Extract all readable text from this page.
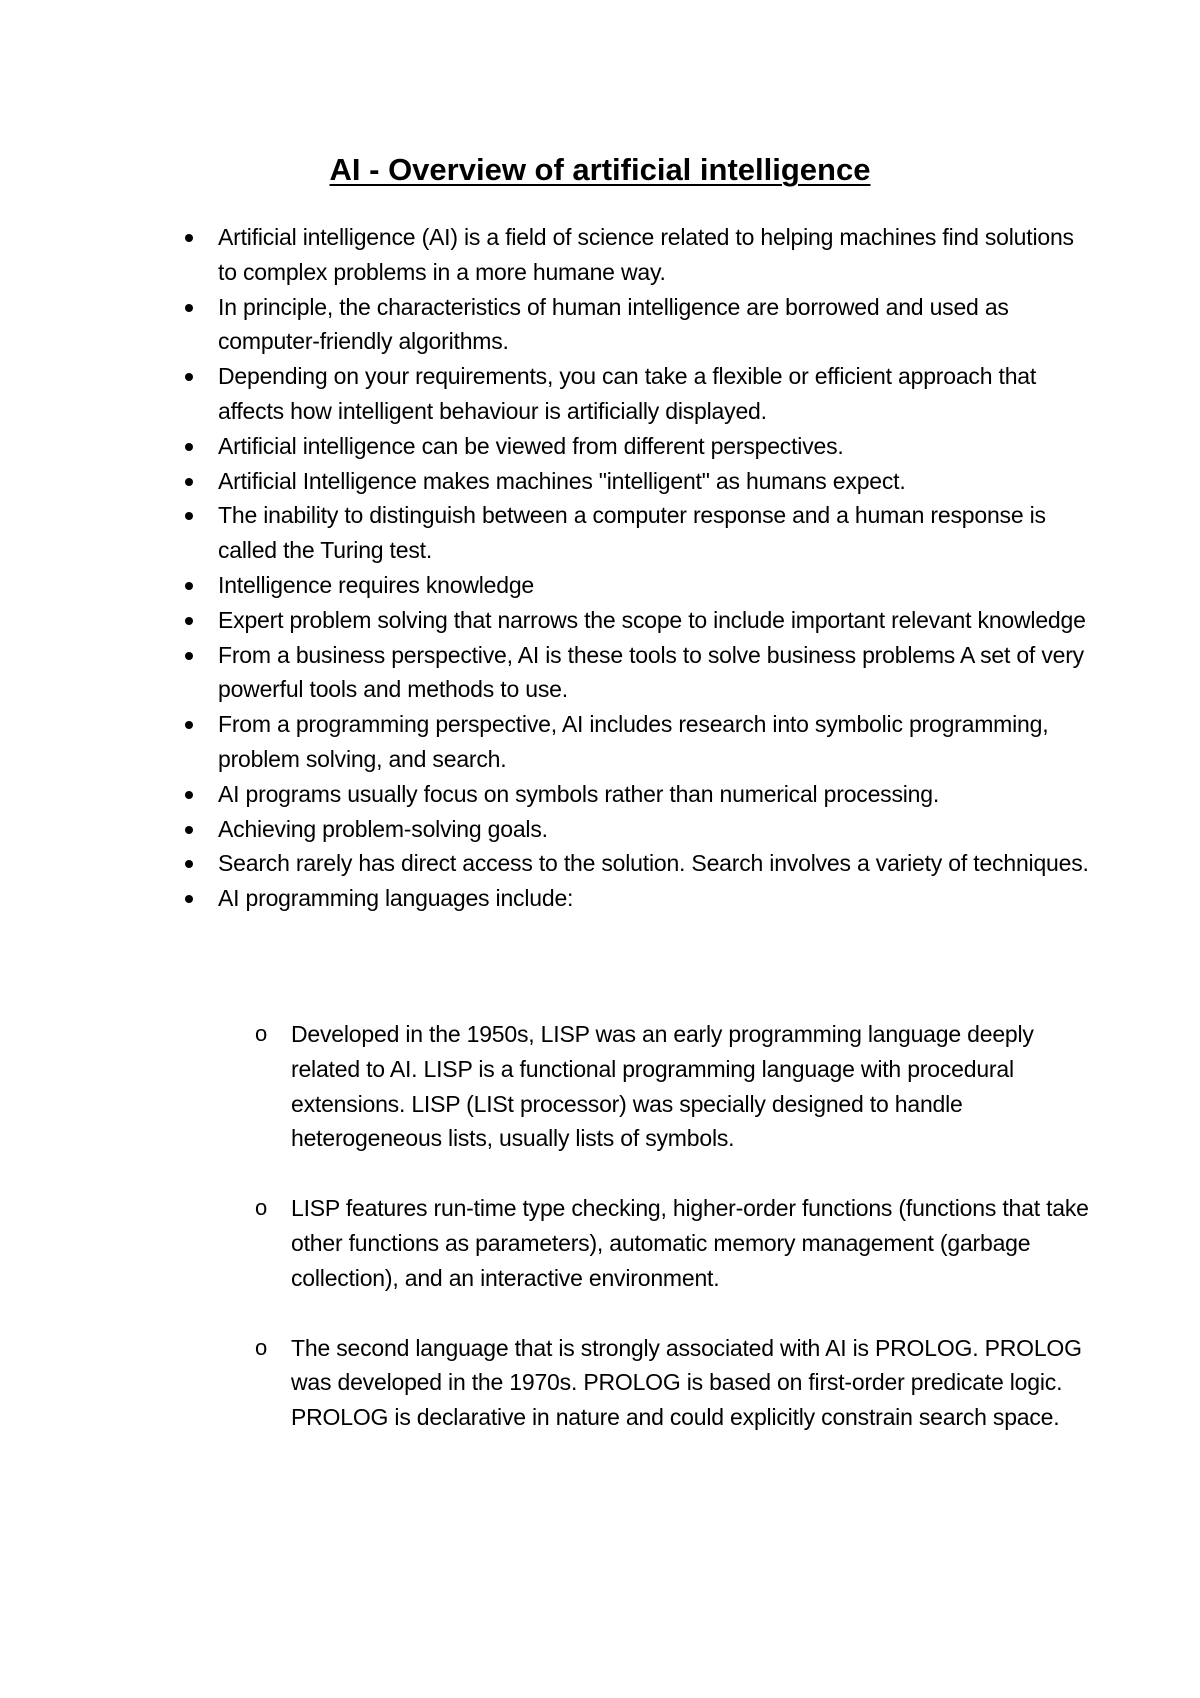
AI - Overview of artificial intelligence
Artificial intelligence (AI) is a field of science related to helping machines find solutions to complex problems in a more humane way.
In principle, the characteristics of human intelligence are borrowed and used as computer-friendly algorithms.
Depending on your requirements, you can take a flexible or efficient approach that affects how intelligent behaviour is artificially displayed.
Artificial intelligence can be viewed from different perspectives.
Artificial Intelligence makes machines "intelligent" as humans expect.
The inability to distinguish between a computer response and a human response is called the Turing test.
Intelligence requires knowledge
Expert problem solving that narrows the scope to include important relevant knowledge
From a business perspective, AI is these tools to solve business problems A set of very powerful tools and methods to use.
From a programming perspective, AI includes research into symbolic programming, problem solving, and search.
AI programs usually focus on symbols rather than numerical processing.
Achieving problem-solving goals.
Search rarely has direct access to the solution. Search involves a variety of techniques.
AI programming languages include:
o Developed in the 1950s, LISP was an early programming language deeply related to AI. LISP is a functional programming language with procedural extensions. LISP (LISt processor) was specially designed to handle heterogeneous lists, usually lists of symbols.
o LISP features run-time type checking, higher-order functions (functions that take other functions as parameters), automatic memory management (garbage collection), and an interactive environment.
o The second language that is strongly associated with AI is PROLOG. PROLOG was developed in the 1970s. PROLOG is based on first-order predicate logic. PROLOG is declarative in nature and could explicitly constrain search space.
